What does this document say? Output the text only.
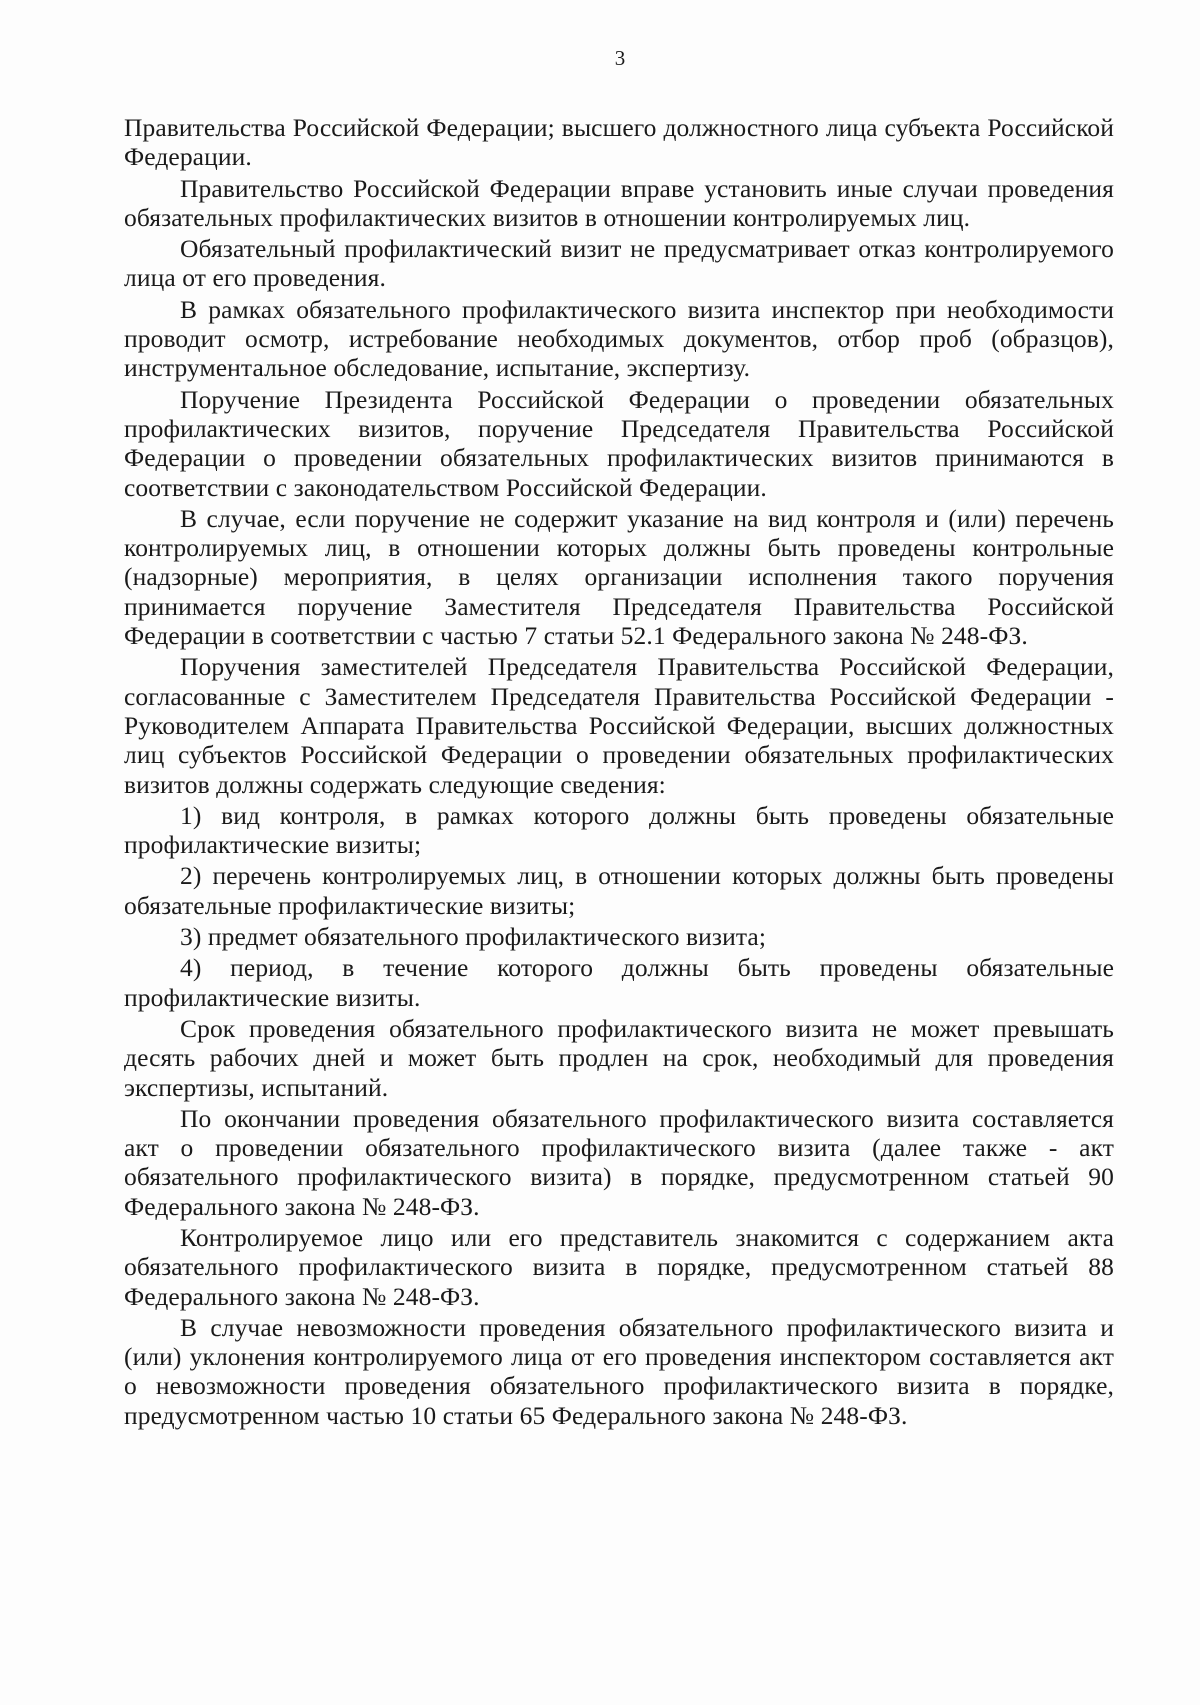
3

Правительства Российской Федерации; высшего должностного лица субъекта Российской Федерации.

Правительство Российской Федерации вправе установить иные случаи проведения обязательных профилактических визитов в отношении контролируемых лиц.

Обязательный профилактический визит не предусматривает отказ контролируемого лица от его проведения.

В рамках обязательного профилактического визита инспектор при необходимости проводит осмотр, истребование необходимых документов, отбор проб (образцов), инструментальное обследование, испытание, экспертизу.

Поручение Президента Российской Федерации о проведении обязательных профилактических визитов, поручение Председателя Правительства Российской Федерации о проведении обязательных профилактических визитов принимаются в соответствии с законодательством Российской Федерации.

В случае, если поручение не содержит указание на вид контроля и (или) перечень контролируемых лиц, в отношении которых должны быть проведены контрольные (надзорные) мероприятия, в целях организации исполнения такого поручения принимается поручение Заместителя Председателя Правительства Российской Федерации в соответствии с частью 7 статьи 52.1 Федерального закона № 248-ФЗ.

Поручения заместителей Председателя Правительства Российской Федерации, согласованные с Заместителем Председателя Правительства Российской Федерации - Руководителем Аппарата Правительства Российской Федерации, высших должностных лиц субъектов Российской Федерации о проведении обязательных профилактических визитов должны содержать следующие сведения:

1) вид контроля, в рамках которого должны быть проведены обязательные профилактические визиты;

2) перечень контролируемых лиц, в отношении которых должны быть проведены обязательные профилактические визиты;

3) предмет обязательного профилактического визита;

4) период, в течение которого должны быть проведены обязательные профилактические визиты.

Срок проведения обязательного профилактического визита не может превышать десять рабочих дней и может быть продлен на срок, необходимый для проведения экспертизы, испытаний.

По окончании проведения обязательного профилактического визита составляется акт о проведении обязательного профилактического визита (далее также - акт обязательного профилактического визита) в порядке, предусмотренном статьей 90 Федерального закона № 248-ФЗ.

Контролируемое лицо или его представитель знакомится с содержанием акта обязательного профилактического визита в порядке, предусмотренном статьей 88 Федерального закона № 248-ФЗ.

В случае невозможности проведения обязательного профилактического визита и (или) уклонения контролируемого лица от его проведения инспектором составляется акт о невозможности проведения обязательного профилактического визита в порядке, предусмотренном частью 10 статьи 65 Федерального закона № 248-ФЗ.
